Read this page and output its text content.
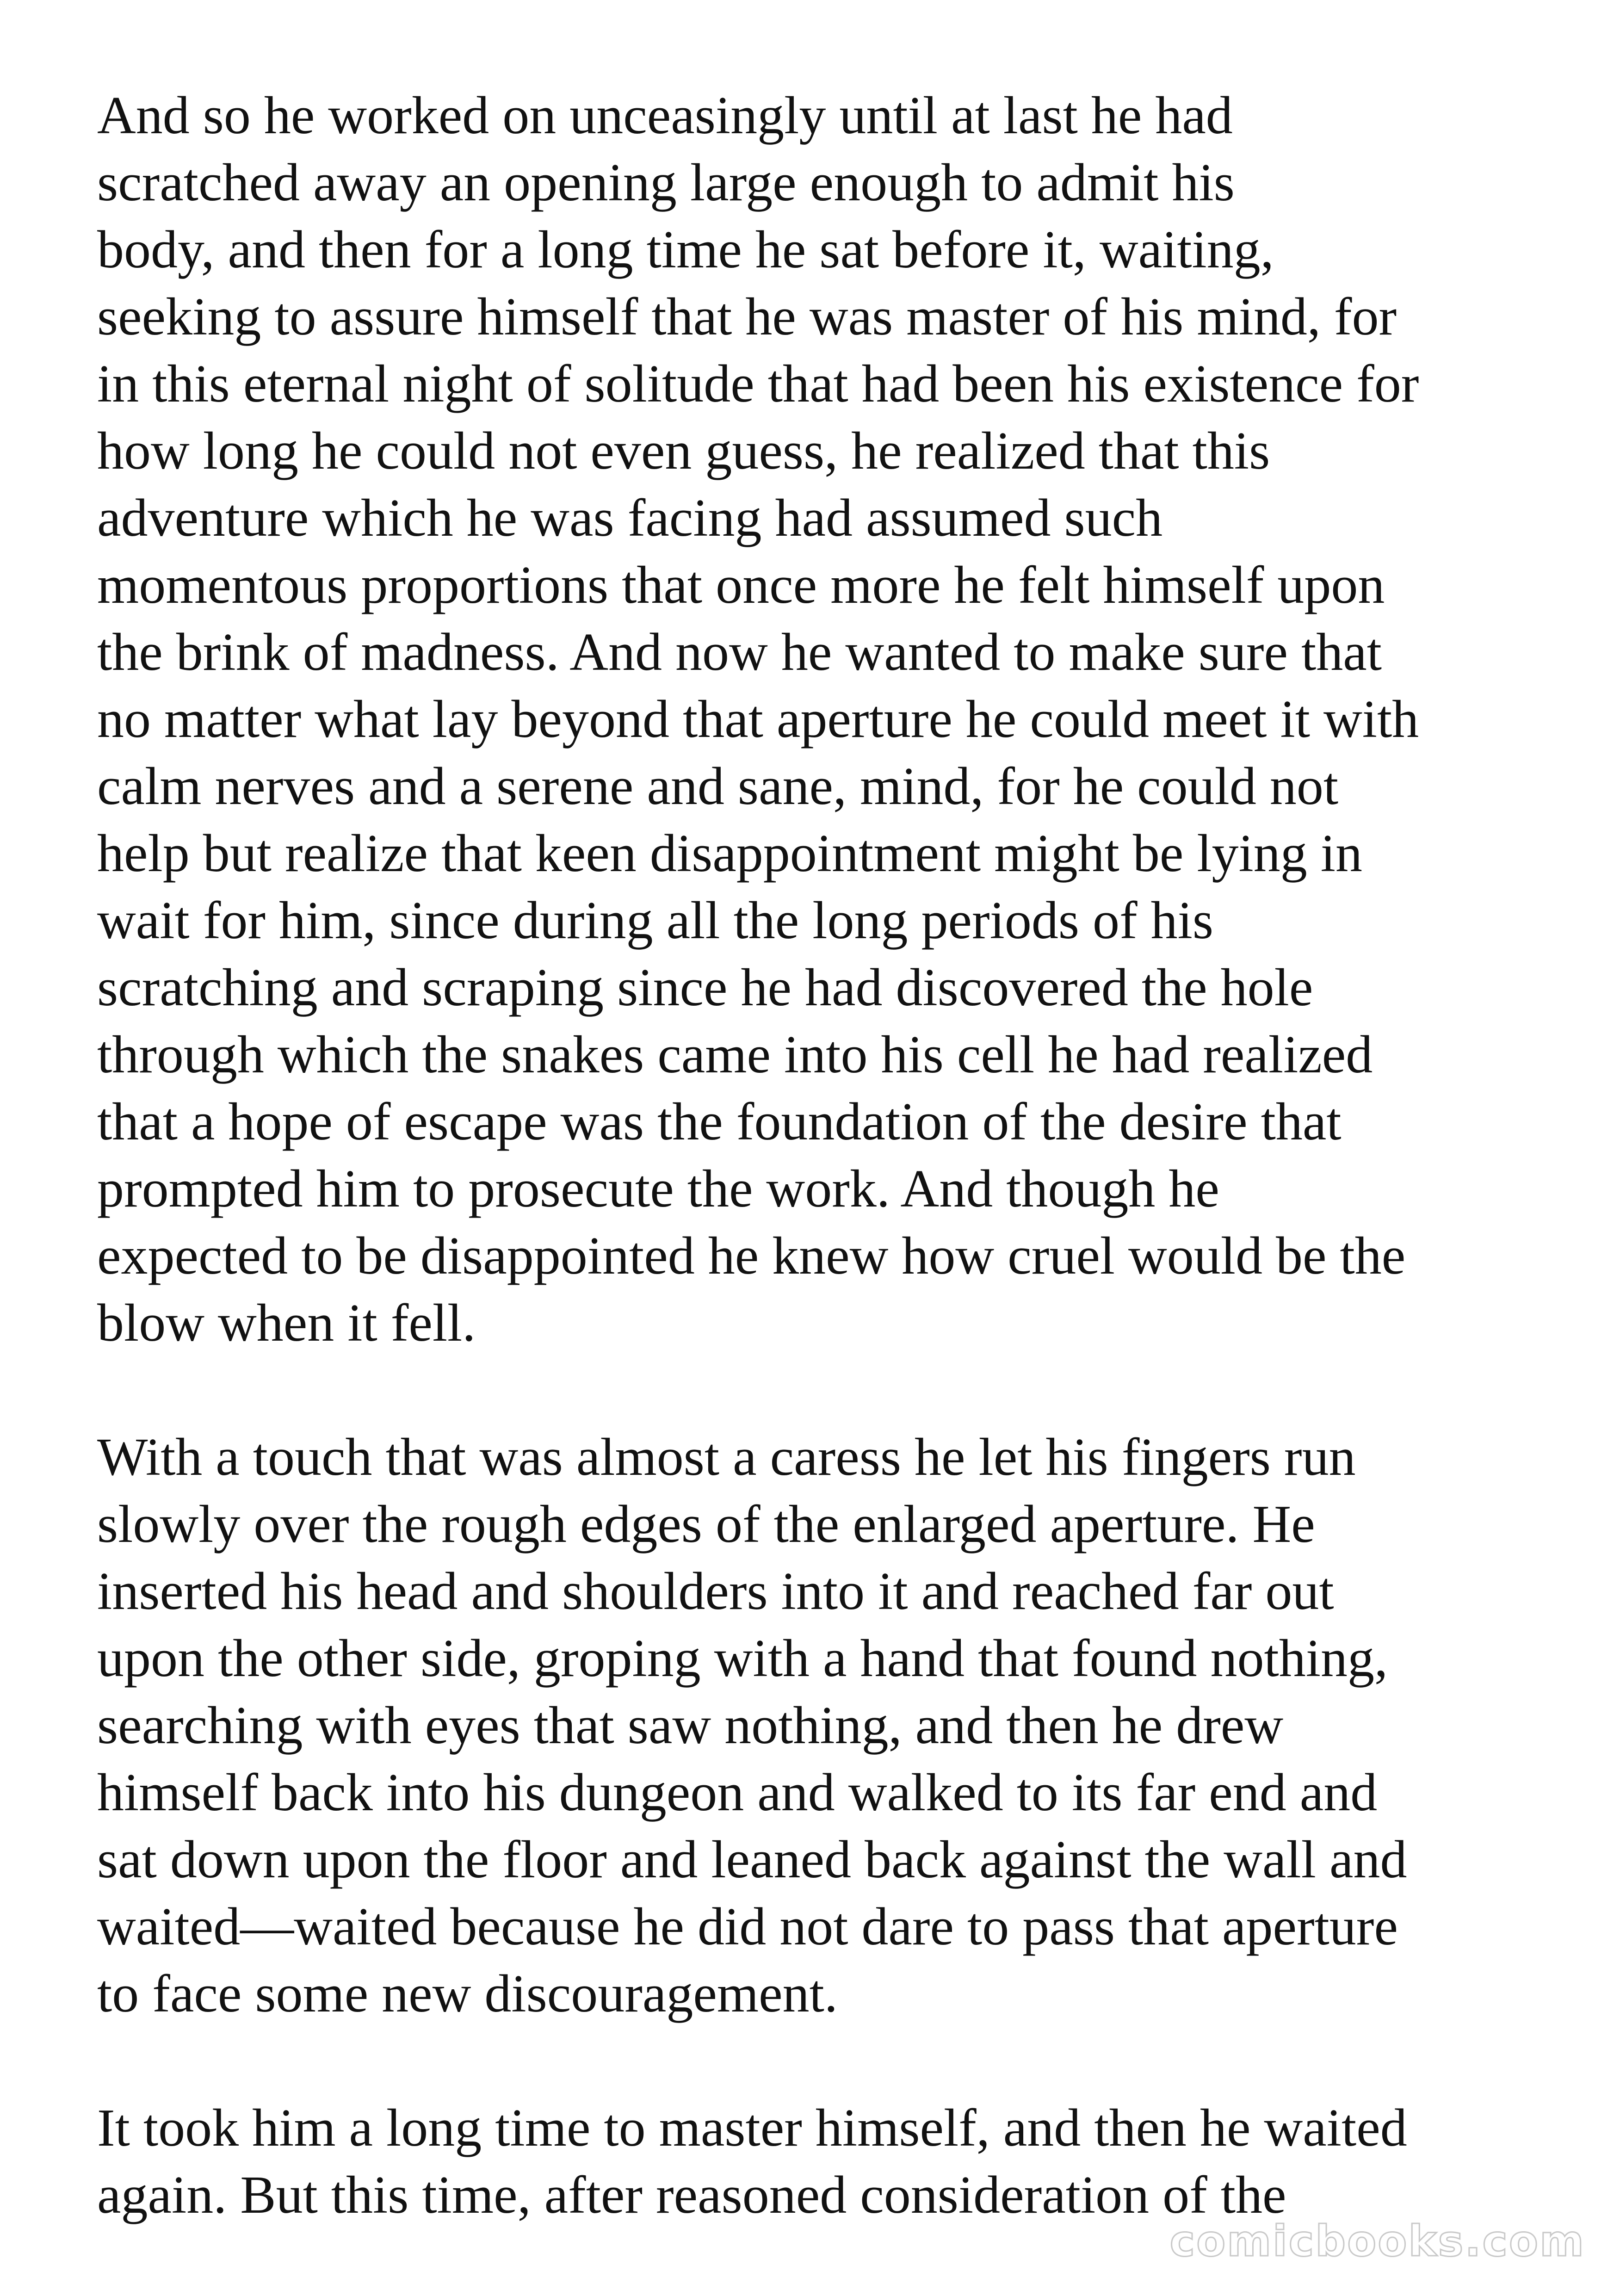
And so he worked on unceasingly until at last he had
scratched away an opening large enough to admit his
body, and then for a long time he sat before it, waiting,
seeking to assure himself that he was master of his mind, for
in this eternal night of solitude that had been his existence for
how long he could not even guess, he realized that this
adventure which he was facing had assumed such
momentous proportions that once more he felt himself upon
the brink of madness. And now he wanted to make sure that
no matter what lay beyond that aperture he could meet it with
calm nerves and a serene and sane, mind, for he could not
help but realize that keen disappointment might be lying in
wait for him, since during all the long periods of his
scratching and scraping since he had discovered the hole
through which the snakes came into his cell he had realized
that a hope of escape was the foundation of the desire that
prompted him to prosecute the work. And though he
expected to be disappointed he knew how cruel would be the
blow when it fell.

With a touch that was almost a caress he let his fingers run
slowly over the rough edges of the enlarged aperture. He
inserted his head and shoulders into it and reached far out
upon the other side, groping with a hand that found nothing,
searching with eyes that saw nothing, and then he drew
himself back into his dungeon and walked to its far end and
sat down upon the floor and leaned back against the wall and
waited—waited because he did not dare to pass that aperture
to face some new discouragement.

It took him a long time to master himself, and then he waited
again. But this time, after reasoned consideration of the

comicbooks.com
